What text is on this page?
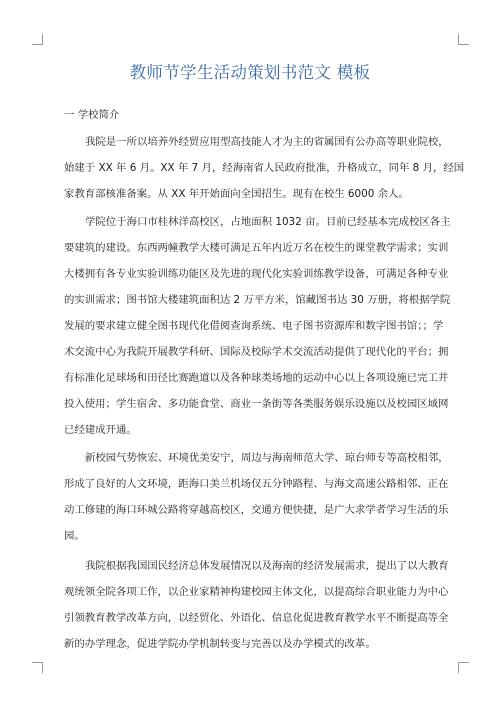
教师节学生活动策划书范文 模板
一 学校简介
我院是一所以培养外经贸应用型高技能人才为主的省属国有公办高等职业院校，
始建于 XX 年 6 月。XX 年 7 月，经海南省人民政府批准，升格成立，同年 8 月，经国
家教育部核准备案。从 XX 年开始面向全国招生。现有在校生 6000 余人。
学院位于海口市桂林洋高校区，占地面积 1032 亩。目前已经基本完成校区各主
要建筑的建设。东西两幢教学大楼可满足五年内近万名在校生的课堂教学需求；实训
大楼拥有各专业实验训练功能区及先进的现代化实验训练教学设备，可满足各种专业
的实训需求；图书馆大楼建筑面积达 2 万平方米，馆藏图书达 30 万册，将根据学院
发展的要求建立健全图书现代化借阅查询系统、电子图书资源库和数字图书馆；；学
术交流中心为我院开展教学科研、国际及校际学术交流活动提供了现代化的平台；拥
有标准化足球场和田径比赛跑道以及各种球类场地的运动中心以上各项设施已完工并
投入使用；学生宿舍、多功能食堂、商业一条街等各类服务娱乐设施以及校园区域网
已经建成开通。
新校园气势恢宏、环境优美安宁，周边与海南师范大学、琼台师专等高校相邻，
形成了良好的人文环境，距海口美兰机场仅五分钟路程、与海文高速公路相邻、正在
动工修建的海口环城公路将穿越高校区，交通方便快捷，是广大求学者学习生活的乐
园。
我院根据我国国民经济总体发展情况以及海南的经济发展需求，提出了以大教育
观统领全院各项工作，以企业家精神构建校园主体文化，以提高综合职业能力为中心
引领教育教学改革方向，以经贸化、外语化、信息化促进教育教学水平不断提高等全
新的办学理念，促进学院办学机制转变与完善以及办学模式的改革。
